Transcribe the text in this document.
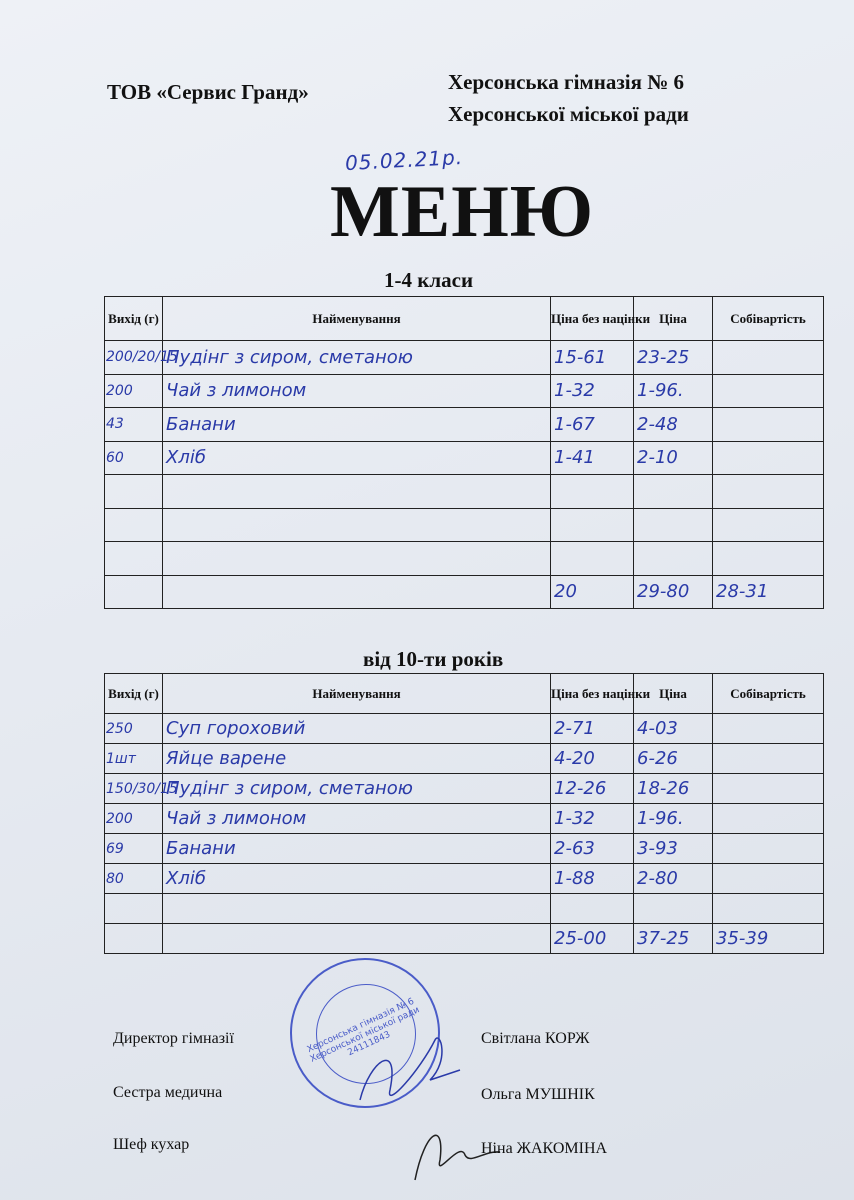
ТОВ «Сервис Гранд»	Херсонська гімназія № 6
Херсонської міської ради
05.02.21р.
МЕНЮ
1-4 класи
Вихід (г)	Найменування	Ціна без націнки	Ціна	Собівартість
200/20/15	Пудінг з сиром, сметаною	15-61	23-25	
200	Чай з лимоном	1-32	1-96.	
43	Банани	1-67	2-48	
60	Хліб	1-41	2-10	

		20	29-80	28-31
від 10-ти років
Вихід (г)	Найменування	Ціна без націнки	Ціна	Собівартість
250	Суп гороховий	2-71	4-03	
1шт	Яйце варене	4-20	6-26	
150/30/15	Пудінг з сиром, сметаною	12-26	18-26	
200	Чай з лимоном	1-32	1-96.	
69	Банани	2-63	3-93	
80	Хліб	1-88	2-80	

		25-00	37-25	35-39
Херсонська гімназія № 6 Херсонської міської ради 24111843
Директор гімназії	Світлана КОРЖ
Сестра медична	Ольга МУШНІК
Шеф кухар	Ніна ЖАКОМІНА
